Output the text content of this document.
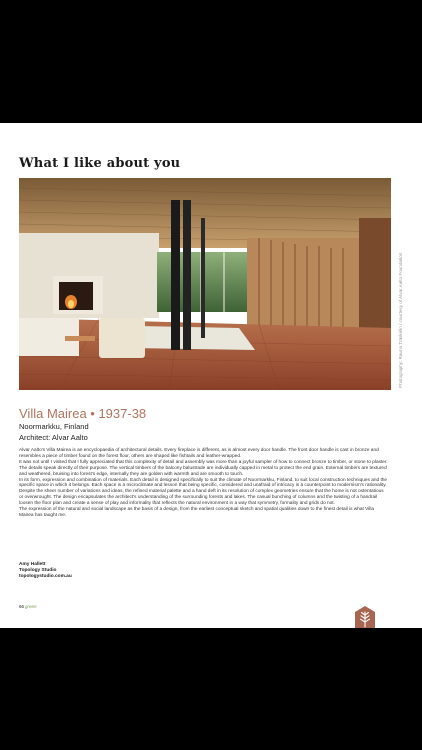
What I like about you
Photography: Rauno Träskelin / courtesy of Alvar Aalto Foundation
Villa Mairea • 1937-38
Noormarkku, Finland
Architect: Alvar Aalto

Alvar Aalto's Villa Mairea is an encyclopaedia of architectural details. Every fireplace is different, as is almost every door handle. The front door handle is cast in bronze and resembles a piece of timber found on the forest floor, others are shaped like fishtails and leather-wrapped.

It was not until I visited that I fully appreciated that this complexity of detail and assembly was more than a joyful sampler of how to connect bronze to timber, or stone to plaster. The details speak directly of their purpose. The vertical timbers of the balcony balustrade are individually capped in metal to protect the end grain. External timbers are textured and weathered, bruising into forest's edge, internally they are golden with warmth and are smooth to touch.

In its form, expression and combination of materials. Each detail is designed specifically to suit the climate of Noormarkku, Finland, to suit local construction techniques and the specific space in which it belongs. Each space is a microclimate and lesson that being specific, considered and unafraid of intricacy is a counterpoint to modernism's rationality.

Despite the sheer number of variations and ideas, the refined material palette and a hand deft in its resolution of complex geometries ensure that the home is not ostentatious or overwrought. The design encapsulates the architect's understanding of the surrounding forests and lakes. The casual bunching of columns and the twisting of a handrail loosen the floor plan and create a sense of play and informality that reflects the natural environment in a way that symmetry, formality and grids do not.

The expression of the natural and social landscape as the basis of a design, from the earliest conceptual sketch and spatial qualities down to the finest detail is what Villa Mairea has taught me.

Amy Hallett
Topology Studio
topologystudio.com.au
66green
